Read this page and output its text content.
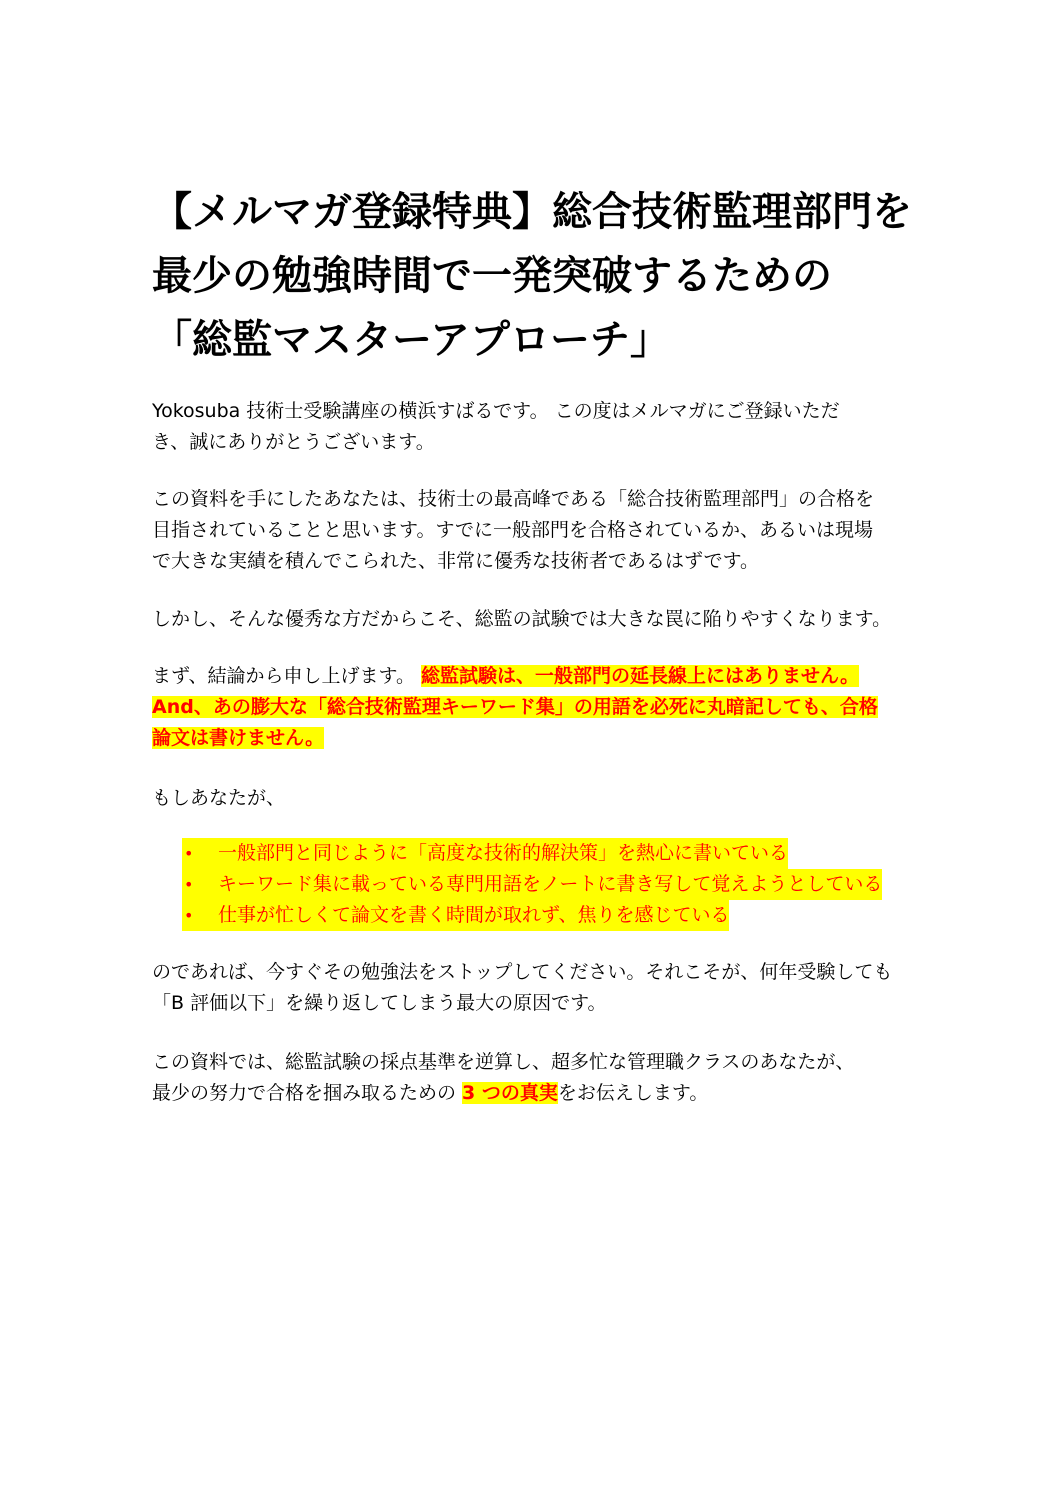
【メルマガ登録特典】総合技術監理部門を
最少の勉強時間で一発突破するための
「総監マスターアプローチ」

Yokosuba 技術士受験講座の横浜すばるです。 この度はメルマガにご登録いただ
き、誠にありがとうございます。

この資料を手にしたあなたは、技術士の最高峰である「総合技術監理部門」の合格を
目指されていることと思います。すでに一般部門を合格されているか、あるいは現場
で大きな実績を積んでこられた、非常に優秀な技術者であるはずです。

しかし、そんな優秀な方だからこそ、総監の試験では大きな罠に陥りやすくなります。

まず、結論から申し上げます。 総監試験は、一般部門の延長線上にはありません。
And、あの膨大な「総合技術監理キーワード集」の用語を必死に丸暗記しても、合格
論文は書けません。

もしあなたが、

•	一般部門と同じように「高度な技術的解決策」を熱心に書いている
•	キーワード集に載っている専門用語をノートに書き写して覚えようとしている
•	仕事が忙しくて論文を書く時間が取れず、焦りを感じている

のであれば、今すぐその勉強法をストップしてください。それこそが、何年受験しても
「B 評価以下」を繰り返してしまう最大の原因です。

この資料では、総監試験の採点基準を逆算し、超多忙な管理職クラスのあなたが、
最少の努力で合格を掴み取るための 3 つの真実をお伝えします。
